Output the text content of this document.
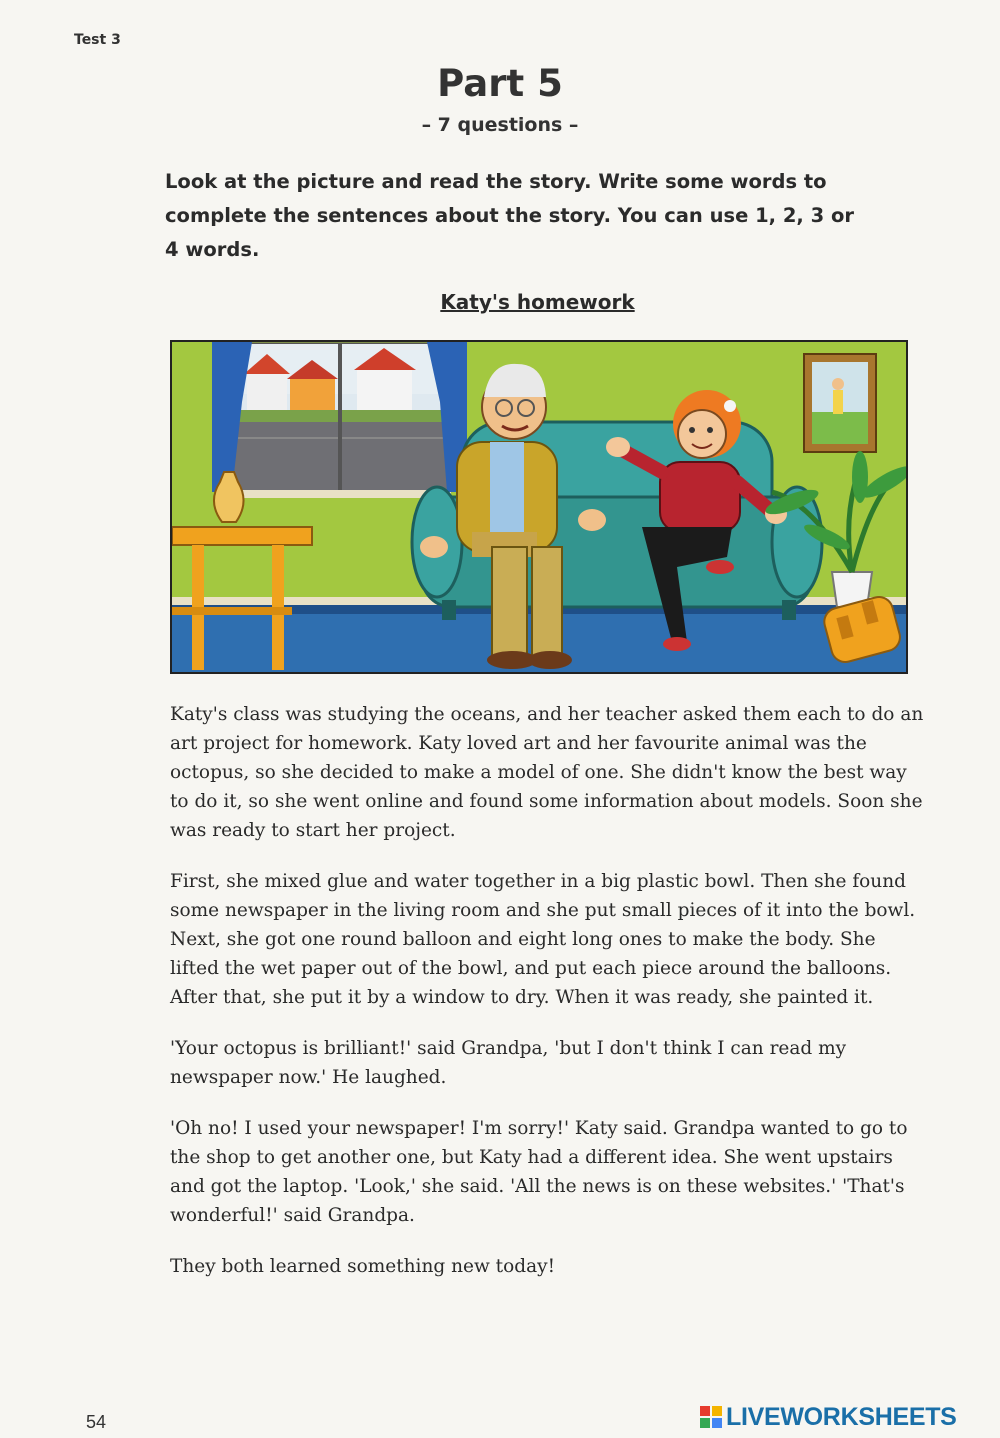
Test 3
Part 5
– 7 questions –
Look at the picture and read the story. Write some words to complete the sentences about the story. You can use 1, 2, 3 or 4 words.
Katy's homework

Katy's class was studying the oceans, and her teacher asked them each to do an art project for homework. Katy loved art and her favourite animal was the octopus, so she decided to make a model of one. She didn't know the best way to do it, so she went online and found some information about models. Soon she was ready to start her project.

First, she mixed glue and water together in a big plastic bowl. Then she found some newspaper in the living room and she put small pieces of it into the bowl. Next, she got one round balloon and eight long ones to make the body. She lifted the wet paper out of the bowl, and put each piece around the balloons. After that, she put it by a window to dry. When it was ready, she painted it.

'Your octopus is brilliant!' said Grandpa, 'but I don't think I can read my newspaper now.' He laughed.

'Oh no! I used your newspaper! I'm sorry!' Katy said. Grandpa wanted to go to the shop to get another one, but Katy had a different idea. She went upstairs and got the laptop. 'Look,' she said. 'All the news is on these websites.' 'That's wonderful!' said Grandpa.

They both learned something new today!

54	LIVEWORKSHEETS
